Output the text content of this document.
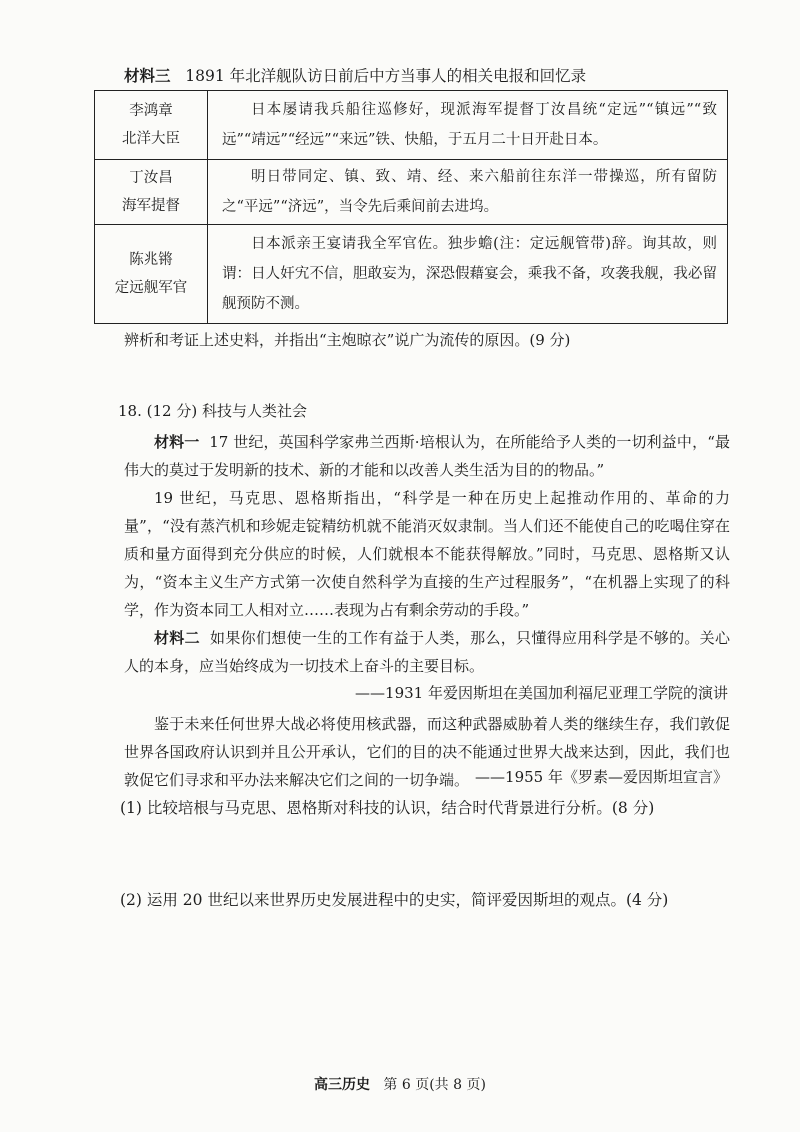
材料三 1891 年北洋舰队访日前后中方当事人的相关电报和回忆录
李鸿章
北洋大臣	日本屡请我兵船往巡修好，现派海军提督丁汝昌统“定远”“镇远”“致远”“靖远”“经远”“来远”铁、快船，于五月二十日开赴日本。

丁汝昌
海军提督	明日带同定、镇、致、靖、经、来六船前往东洋一带操巡，所有留防之“平远”“济远”，当令先后乘间前去进坞。

陈兆锵
定远舰军官	日本派亲王宴请我全军官佐。独步蟾(注：定远舰管带)辞。询其故，则谓：日人奸宄不信，胆敢妄为，深恐假藉宴会，乘我不备，攻袭我舰，我必留舰预防不测。
辨析和考证上述史料，并指出“主炮晾衣”说广为流传的原因。(9 分)
18. (12 分) 科技与人类社会
材料一 17 世纪，英国科学家弗兰西斯·培根认为，在所能给予人类的一切利益中，“最伟大的莫过于发明新的技术、新的才能和以改善人类生活为目的的物品。”
19 世纪，马克思、恩格斯指出，“科学是一种在历史上起推动作用的、革命的力量”，“没有蒸汽机和珍妮走锭精纺机就不能消灭奴隶制。当人们还不能使自己的吃喝住穿在质和量方面得到充分供应的时候，人们就根本不能获得解放。”同时，马克思、恩格斯又认为，“资本主义生产方式第一次使自然科学为直接的生产过程服务”，“在机器上实现了的科学，作为资本同工人相对立……表现为占有剩余劳动的手段。”
材料二 如果你们想使一生的工作有益于人类，那么，只懂得应用科学是不够的。关心人的本身，应当始终成为一切技术上奋斗的主要目标。
——1931 年爱因斯坦在美国加利福尼亚理工学院的演讲
鉴于未来任何世界大战必将使用核武器，而这种武器威胁着人类的继续生存，我们敦促世界各国政府认识到并且公开承认，它们的目的决不能通过世界大战来达到，因此，我们也敦促它们寻求和平办法来解决它们之间的一切争端。 ——1955 年《罗素—爱因斯坦宣言》
(1) 比较培根与马克思、恩格斯对科技的认识，结合时代背景进行分析。(8 分)
(2) 运用 20 世纪以来世界历史发展进程中的史实，简评爱因斯坦的观点。(4 分)
高三历史 第 6 页(共 8 页)
